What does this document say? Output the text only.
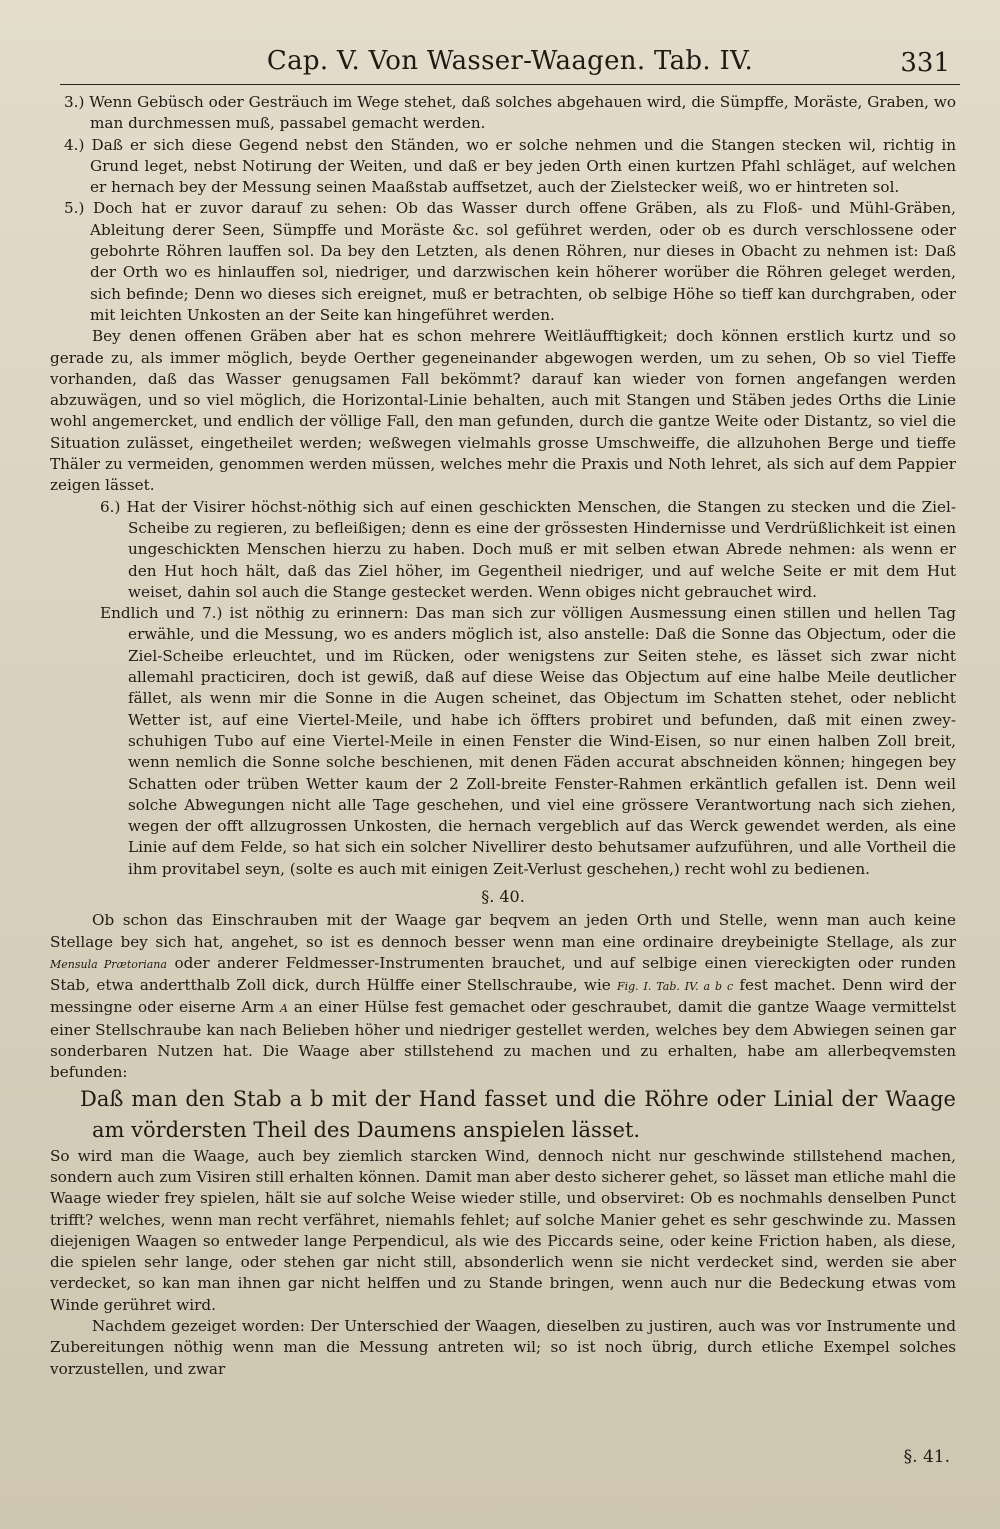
Cap. V. Von Wasser-Waagen. Tab. IV.	331

3.) Wenn Gebüsch oder Gesträuch im Wege stehet, daß solches abgehauen wird, die Sümpffe, Moräste, Graben, wo man durchmessen muß, passabel gemacht werden.

4.) Daß er sich diese Gegend nebst den Ständen, wo er solche nehmen und die Stangen stecken wil, richtig in Grund leget, nebst Notirung der Weiten, und daß er bey jeden Orth einen kurtzen Pfahl schläget, auf welchen er hernach bey der Messung seinen Maaßstab auffsetzet, auch der Zielstecker weiß, wo er hintreten sol.

5.) Doch hat er zuvor darauf zu sehen: Ob das Wasser durch offene Gräben, als zu Floß- und Mühl-Gräben, Ableitung derer Seen, Sümpffe und Moräste &c. sol geführet werden, oder ob es durch verschlossene oder gebohrte Röhren lauffen sol. Da bey den Letzten, als denen Röhren, nur dieses in Obacht zu nehmen ist: Daß der Orth wo es hinlauffen sol, niedriger, und darzwischen kein höherer worüber die Röhren geleget werden, sich befinde; Denn wo dieses sich ereignet, muß er betrachten, ob selbige Höhe so tieff kan durchgraben, oder mit leichten Unkosten an der Seite kan hingeführet werden.

Bey denen offenen Gräben aber hat es schon mehrere Weitläufftigkeit; doch können erstlich kurtz und so gerade zu, als immer möglich, beyde Oerther gegeneinander abgewogen werden, um zu sehen, Ob so viel Tieffe vorhanden, daß das Wasser genugsamen Fall bekömmt? darauf kan wieder von fornen angefangen werden abzuwägen, und so viel möglich, die Horizontal-Linie behalten, auch mit Stangen und Stäben jedes Orths die Linie wohl angemercket, und endlich der völlige Fall, den man gefunden, durch die gantze Weite oder Distantz, so viel die Situation zulässet, eingetheilet werden; weßwegen vielmahls grosse Umschweiffe, die allzuhohen Berge und tieffe Thäler zu vermeiden, genommen werden müssen, welches mehr die Praxis und Noth lehret, als sich auf dem Pappier zeigen lässet.

6.) Hat der Visirer höchst-nöthig sich auf einen geschickten Menschen, die Stangen zu stecken und die Ziel-Scheibe zu regieren, zu befleißigen; denn es eine der grössesten Hindernisse und Verdrüßlichkeit ist einen ungeschickten Menschen hierzu zu haben. Doch muß er mit selben etwan Abrede nehmen: als wenn er den Hut hoch hält, daß das Ziel höher, im Gegentheil niedriger, und auf welche Seite er mit dem Hut weiset, dahin sol auch die Stange gestecket werden. Wenn obiges nicht gebrauchet wird.

Endlich und 7.) ist nöthig zu erinnern: Das man sich zur völligen Ausmessung einen stillen und hellen Tag erwähle, und die Messung, wo es anders möglich ist, also anstelle: Daß die Sonne das Objectum, oder die Ziel-Scheibe erleuchtet, und im Rücken, oder wenigstens zur Seiten stehe, es lässet sich zwar nicht allemahl practiciren, doch ist gewiß, daß auf diese Weise das Objectum auf eine halbe Meile deutlicher fället, als wenn mir die Sonne in die Augen scheinet, das Objectum im Schatten stehet, oder neblicht Wetter ist, auf eine Viertel-Meile, und habe ich öffters probiret und befunden, daß mit einen zwey-schuhigen Tubo auf eine Viertel-Meile in einen Fenster die Wind-Eisen, so nur einen halben Zoll breit, wenn nemlich die Sonne solche beschienen, mit denen Fäden accurat abschneiden können; hingegen bey Schatten oder trüben Wetter kaum der 2 Zoll-breite Fenster-Rahmen erkäntlich gefallen ist. Denn weil solche Abwegungen nicht alle Tage geschehen, und viel eine grössere Verantwortung nach sich ziehen, wegen der offt allzugrossen Unkosten, die hernach vergeblich auf das Werck gewendet werden, als eine Linie auf dem Felde, so hat sich ein solcher Nivellirer desto behutsamer aufzuführen, und alle Vortheil die ihm provitabel seyn, (solte es auch mit einigen Zeit-Verlust geschehen,) recht wohl zu bedienen.

§. 40.

Ob schon das Einschrauben mit der Waage gar beqvem an jeden Orth und Stelle, wenn man auch keine Stellage bey sich hat, angehet, so ist es dennoch besser wenn man eine ordinaire dreybeinigte Stellage, als zur Mensula Prætoriana oder anderer Feldmesser-Instrumenten brauchet, und auf selbige einen viereckigten oder runden Stab, etwa andertthalb Zoll dick, durch Hülffe einer Stellschraube, wie Fig. I. Tab. IV. a b c fest machet. Denn wird der messingne oder eiserne Arm A an einer Hülse fest gemachet oder geschraubet, damit die gantze Waage vermittelst einer Stellschraube kan nach Belieben höher und niedriger gestellet werden, welches bey dem Abwiegen seinen gar sonderbaren Nutzen hat. Die Waage aber stillstehend zu machen und zu erhalten, habe am allerbeqvemsten befunden:

Daß man den Stab a b mit der Hand fasset und die Röhre oder Linial der Waage am vördersten Theil des Daumens anspielen lässet.

So wird man die Waage, auch bey ziemlich starcken Wind, dennoch nicht nur geschwinde stillstehend machen, sondern auch zum Visiren still erhalten können. Damit man aber desto sicherer gehet, so lässet man etliche mahl die Waage wieder frey spielen, hält sie auf solche Weise wieder stille, und observiret: Ob es nochmahls denselben Punct trifft? welches, wenn man recht verfähret, niemahls fehlet; auf solche Manier gehet es sehr geschwinde zu. Massen diejenigen Waagen so entweder lange Perpendicul, als wie des Piccards seine, oder keine Friction haben, als diese, die spielen sehr lange, oder stehen gar nicht still, absonderlich wenn sie nicht verdecket sind, werden sie aber verdecket, so kan man ihnen gar nicht helffen und zu Stande bringen, wenn auch nur die Bedeckung etwas vom Winde gerühret wird.

Nachdem gezeiget worden: Der Unterschied der Waagen, dieselben zu justiren, auch was vor Instrumente und Zubereitungen nöthig wenn man die Messung antreten wil; so ist noch übrig, durch etliche Exempel solches vorzustellen, und zwar

§. 41.
